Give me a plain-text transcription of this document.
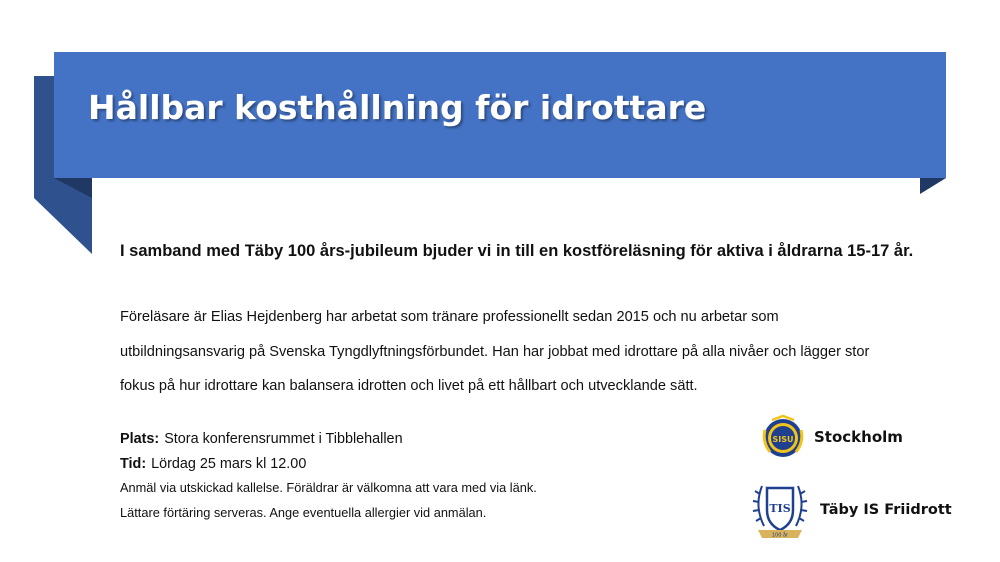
Hållbar kosthållning för idrottare
I samband med Täby 100 års-jubileum bjuder vi in till en kostföreläsning för aktiva i åldrarna 15-17 år.

Föreläsare är Elias Hejdenberg har arbetat som tränare professionellt sedan 2015 och nu arbetar som

utbildningsansvarig på Svenska Tyngdlyftningsförbundet. Han har jobbat med idrottare på alla nivåer och lägger stor

fokus på hur idrottare kan balansera idrotten och livet på ett hållbart och utvecklande sätt.

Plats: Stora konferensrummet i Tibblehallen
Tid: Lördag 25 mars kl 12.00
Anmäl via utskickad kallelse. Föräldrar är välkomna att vara med via länk.
Lättare förtäring serveras. Ange eventuella allergier vid anmälan.
SISU Stockholm
TIS
100 år
Täby IS Friidrott
